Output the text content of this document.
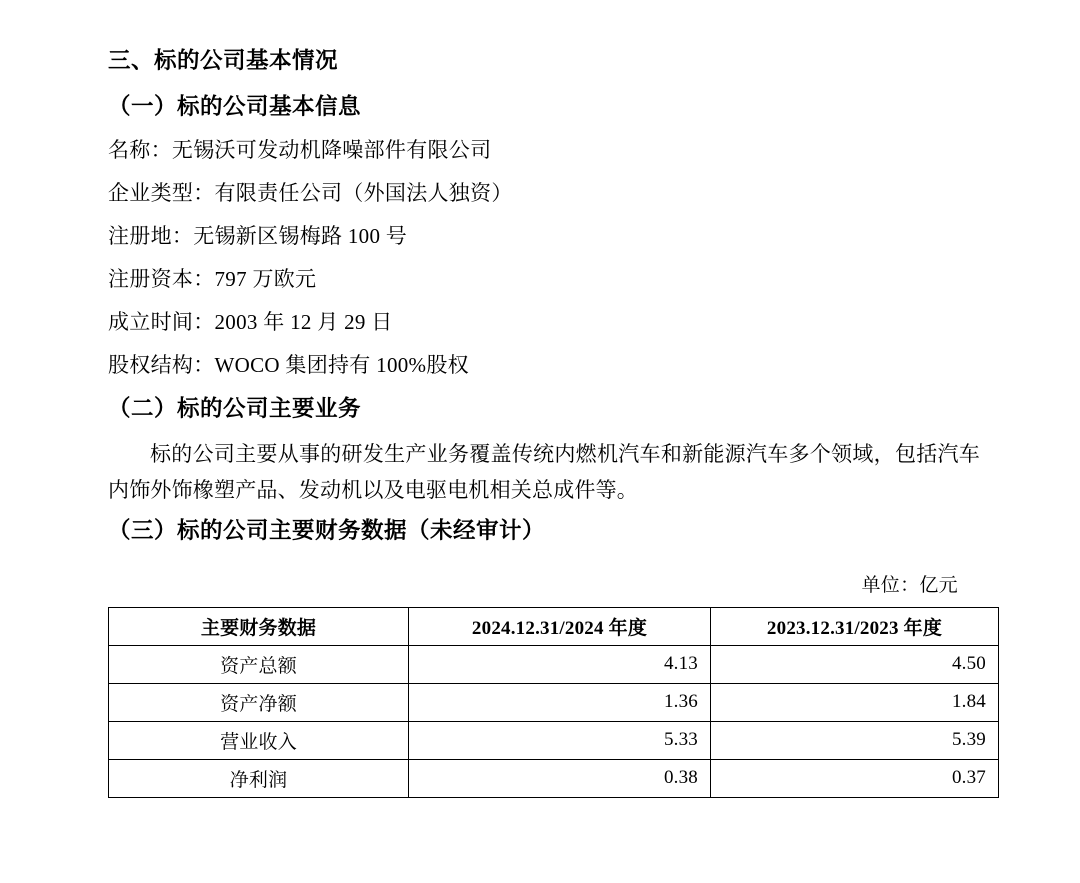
三、标的公司基本情况
（一）标的公司基本信息

名称：无锡沃可发动机降噪部件有限公司

企业类型：有限责任公司（外国法人独资）

注册地：无锡新区锡梅路 100 号

注册资本：797 万欧元

成立时间：2003 年 12 月 29 日

股权结构：WOCO 集团持有 100%股权

（二）标的公司主要业务

标的公司主要从事的研发生产业务覆盖传统内燃机汽车和新能源汽车多个领域，包括汽车内饰外饰橡塑产品、发动机以及电驱电机相关总成件等。

（三）标的公司主要财务数据（未经审计）
单位：亿元
主要财务数据	2024.12.31/2024 年度	2023.12.31/2023 年度
资产总额	4.13	4.50
资产净额	1.36	1.84
营业收入	5.33	5.39
净利润	0.38	0.37
